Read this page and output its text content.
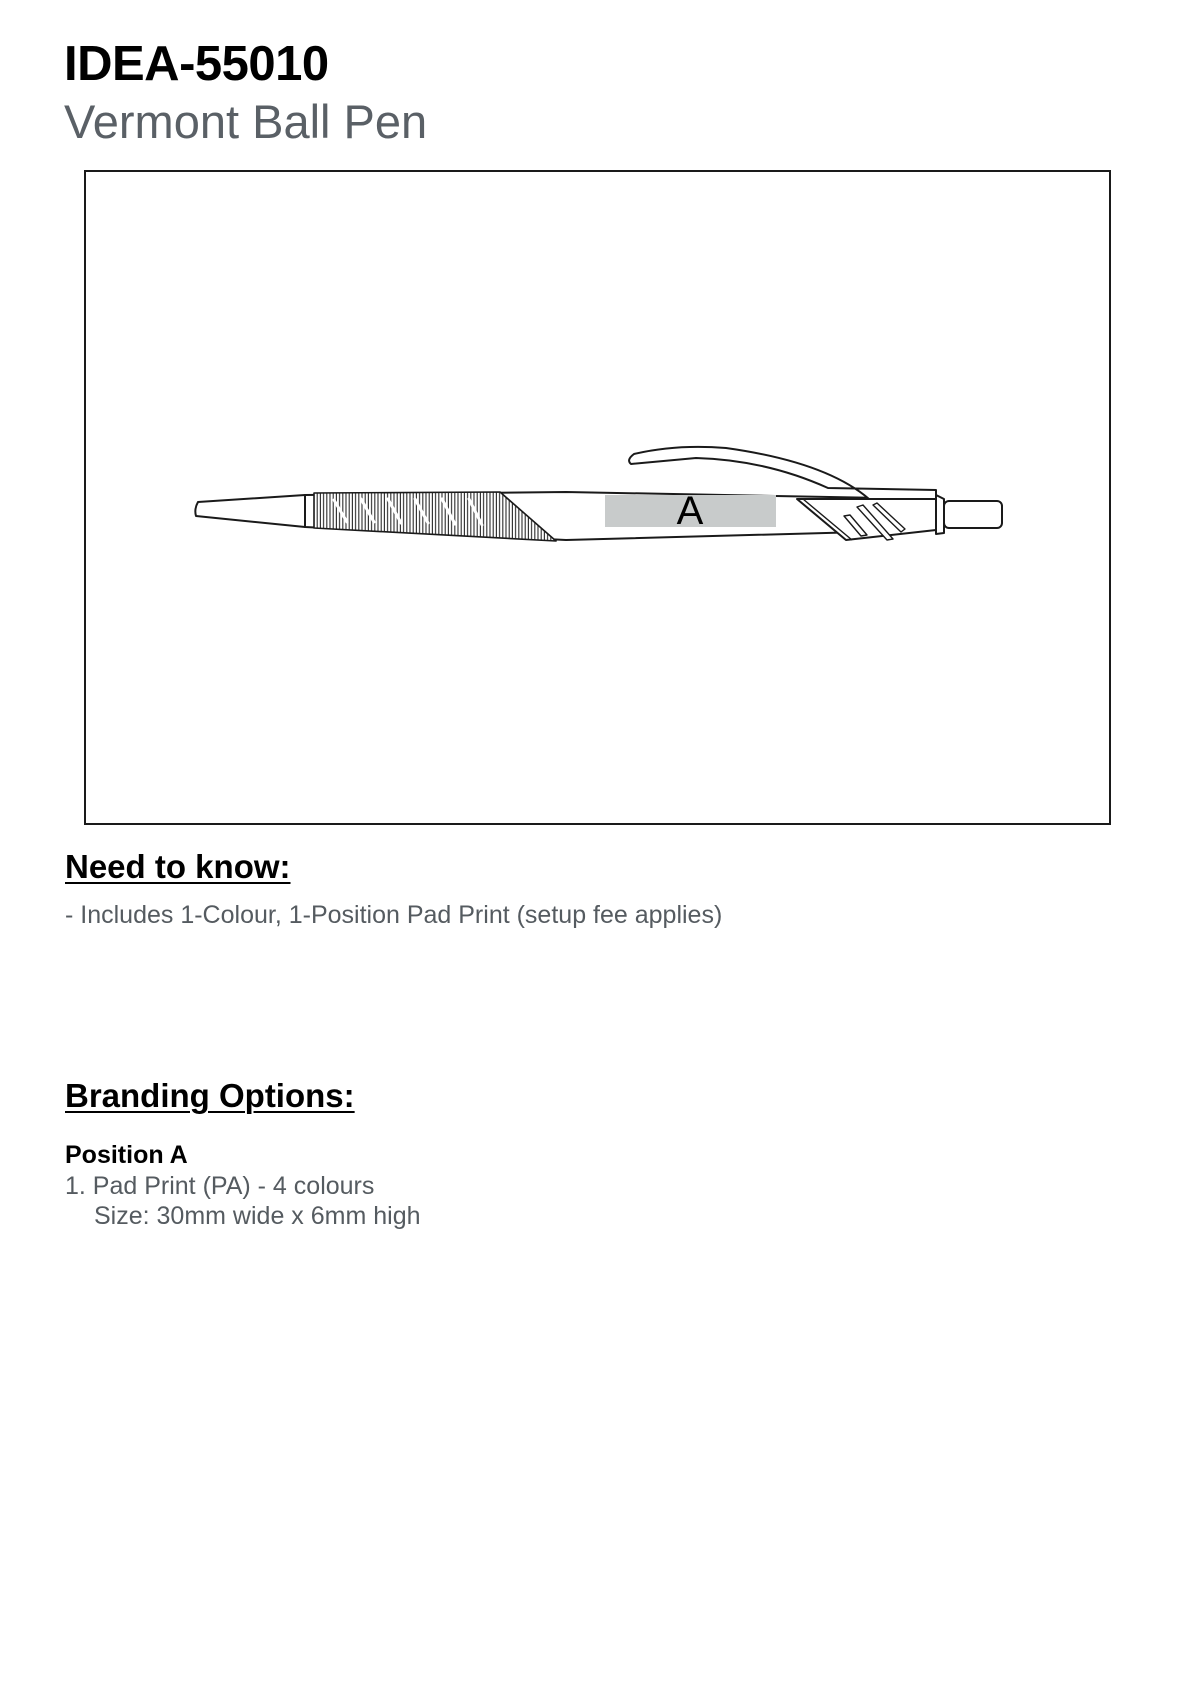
IDEA-55010
Vermont Ball Pen
A
Need to know:
- Includes 1-Colour, 1-Position Pad Print (setup fee applies)
Branding Options:
Position A
1. Pad Print (PA) - 4 colours
Size: 30mm wide x 6mm high
